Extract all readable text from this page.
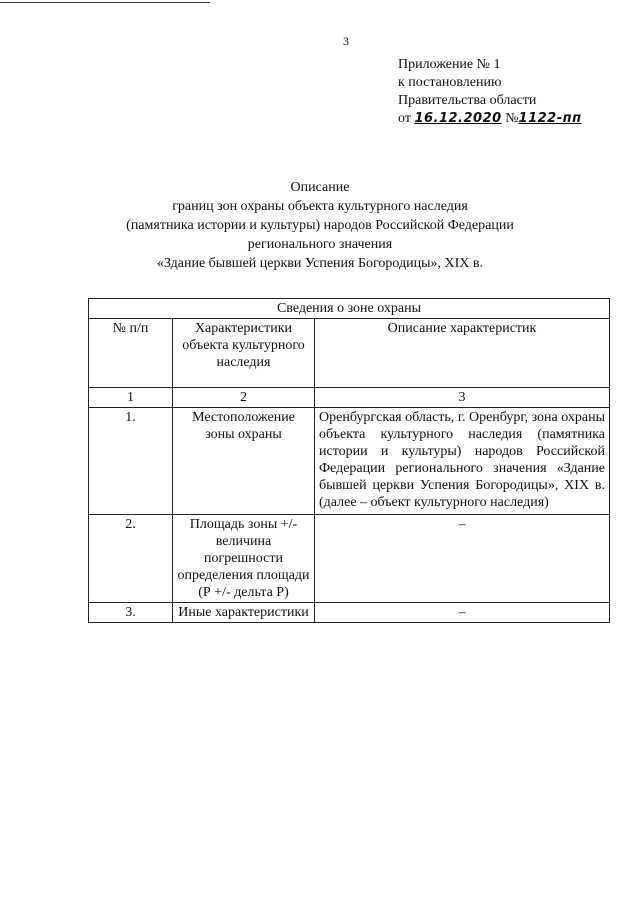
3
Приложение № 1
к постановлению
Правительства области
от 16.12.2020 №1122-пп
Описание
границ зон охраны объекта культурного наследия
(памятника истории и культуры) народов Российской Федерации
регионального значения
«Здание бывшей церкви Успения Богородицы», XIX в.
Сведения о зоне охраны		
№ п/п	Характеристики объекта культурного наследия	Описание характеристик
1	2	3
1.	Местоположение зоны охраны	Оренбургская область, г. Оренбург, зона охраны объекта культурного наследия (памятника истории и культуры) народов Российской Федерации регионального значения «Здание бывшей церкви Успения Богородицы», XIX в. (далее – объект культурного наследия)
2.	Площадь зоны +/- величина погрешности определения площади (Р +/- дельта Р)	–
3.	Иные характеристики	–
